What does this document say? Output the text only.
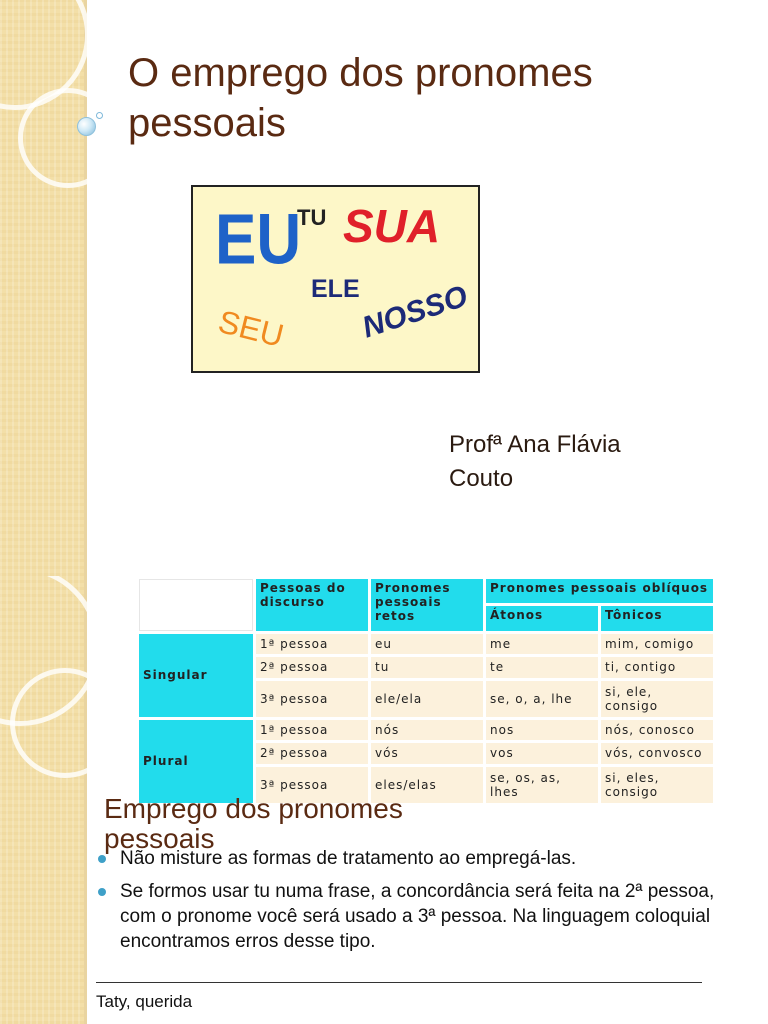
O emprego dos pronomes pessoais
EU
TU SUA
ELE
SEU NOSSO
Profª Ana Flávia
Couto
	Pessoas do discurso	Pronomes pessoais retos	Pronomes pessoais oblíquos	
			Átonos	Tônicos
Singular	1ª pessoa	eu	me	mim, comigo
	2ª pessoa	tu	te	ti, contigo
	3ª pessoa	ele/ela	se, o, a, lhe	si, ele, consigo
Plural	1ª pessoa	nós	nos	nós, conosco
	2ª pessoa	vós	vos	vós, convosco
	3ª pessoa	eles/elas	se, os, as, lhes	si, eles, consigo
Emprego dos pronomes pessoais
Não misture as formas de tratamento ao empregá-las.
Se formos usar tu numa frase, a concordância será feita na 2ª pessoa, com o pronome você será usado a 3ª pessoa. Na linguagem coloquial encontramos erros desse tipo.
Taty, querida
